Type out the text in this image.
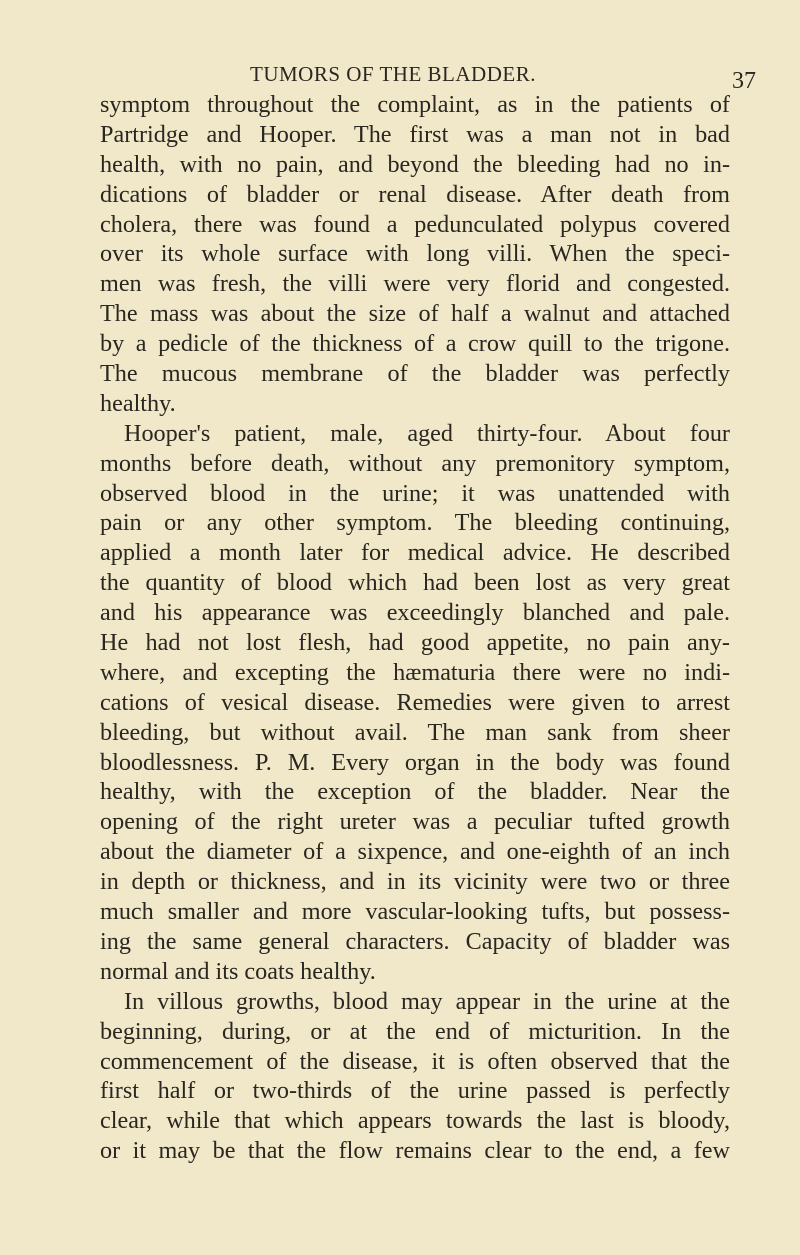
TUMORS OF THE BLADDER.	37
symptom throughout the complaint, as in the patients of
Partridge and Hooper. The first was a man not in bad
health, with no pain, and beyond the bleeding had no in-
dications of bladder or renal disease. After death from
cholera, there was found a pedunculated polypus covered
over its whole surface with long villi. When the speci-
men was fresh, the villi were very florid and congested.
The mass was about the size of half a walnut and attached
by a pedicle of the thickness of a crow quill to the trigone.
The mucous membrane of the bladder was perfectly
healthy.
Hooper's patient, male, aged thirty-four. About four
months before death, without any premonitory symptom,
observed blood in the urine; it was unattended with
pain or any other symptom. The bleeding continuing,
applied a month later for medical advice. He described
the quantity of blood which had been lost as very great
and his appearance was exceedingly blanched and pale.
He had not lost flesh, had good appetite, no pain any-
where, and excepting the hæmaturia there were no indi-
cations of vesical disease. Remedies were given to arrest
bleeding, but without avail. The man sank from sheer
bloodlessness. P. M. Every organ in the body was found
healthy, with the exception of the bladder. Near the
opening of the right ureter was a peculiar tufted growth
about the diameter of a sixpence, and one-eighth of an inch
in depth or thickness, and in its vicinity were two or three
much smaller and more vascular-looking tufts, but possess-
ing the same general characters. Capacity of bladder was
normal and its coats healthy.
In villous growths, blood may appear in the urine at the
beginning, during, or at the end of micturition. In the
commencement of the disease, it is often observed that the
first half or two-thirds of the urine passed is perfectly
clear, while that which appears towards the last is bloody,
or it may be that the flow remains clear to the end, a few
